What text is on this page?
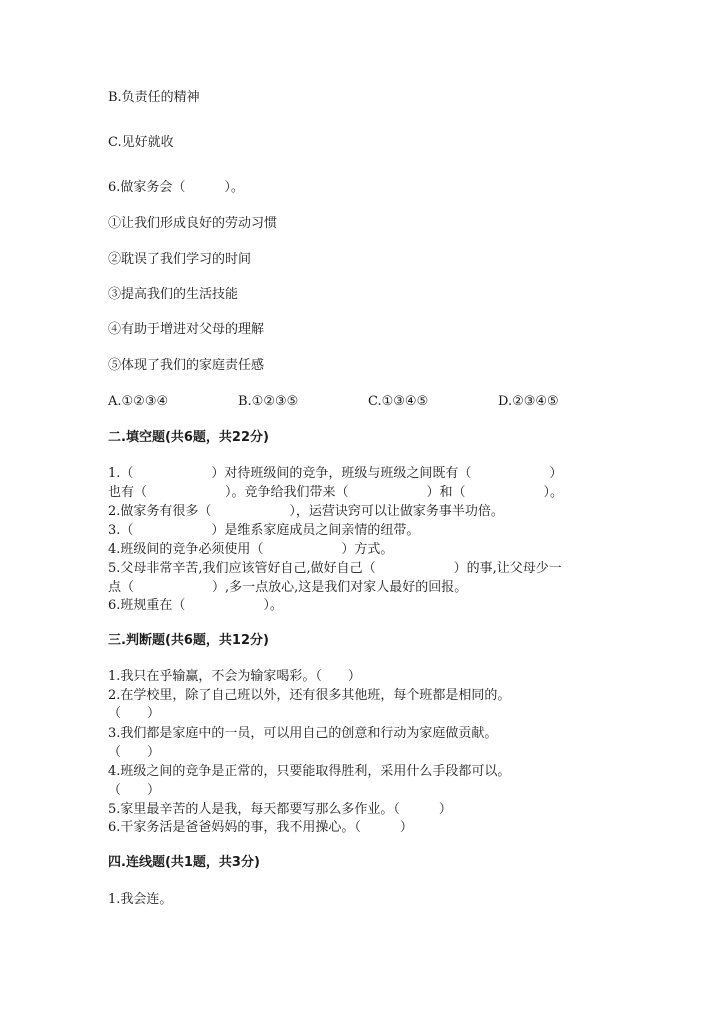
B.负责任的精神
C.见好就收
6.做家务会（　　　）。
①让我们形成良好的劳动习惯
②耽误了我们学习的时间
③提高我们的生活技能
④有助于增进对父母的理解
⑤体现了我们的家庭责任感
A.①②③④	B.①②③⑤	C.①③④⑤	D.②③④⑤
二.填空题(共6题，共22分)
1.（　　　　　　）对待班级间的竞争，班级与班级之间既有（　　　　　　）
也有（　　　　　　）。竞争给我们带来（　　　　　　）和（　　　　　　）。
2.做家务有很多（　　　　　　），运营诀窍可以让做家务事半功倍。
3.（　　　　　　）是维系家庭成员之间亲情的纽带。
4.班级间的竞争必须使用（　　　　　　）方式。
5.父母非常辛苦,我们应该管好自己,做好自己（　　　　　　）的事,让父母少一
点（　　　　　　）,多一点放心,这是我们对家人最好的回报。
6.班规重在（　　　　　　）。
三.判断题(共6题，共12分)
1.我只在乎输赢，不会为输家喝彩。（　　）
2.在学校里，除了自己班以外，还有很多其他班，每个班都是相同的。
（　　）
3.我们都是家庭中的一员，可以用自己的创意和行动为家庭做贡献。
（　　）
4.班级之间的竞争是正常的，只要能取得胜利，采用什么手段都可以。
（　　）
5.家里最辛苦的人是我，每天都要写那么多作业。（　　　）
6.干家务活是爸爸妈妈的事，我不用操心。（　　　）
四.连线题(共1题，共3分)
1.我会连。
